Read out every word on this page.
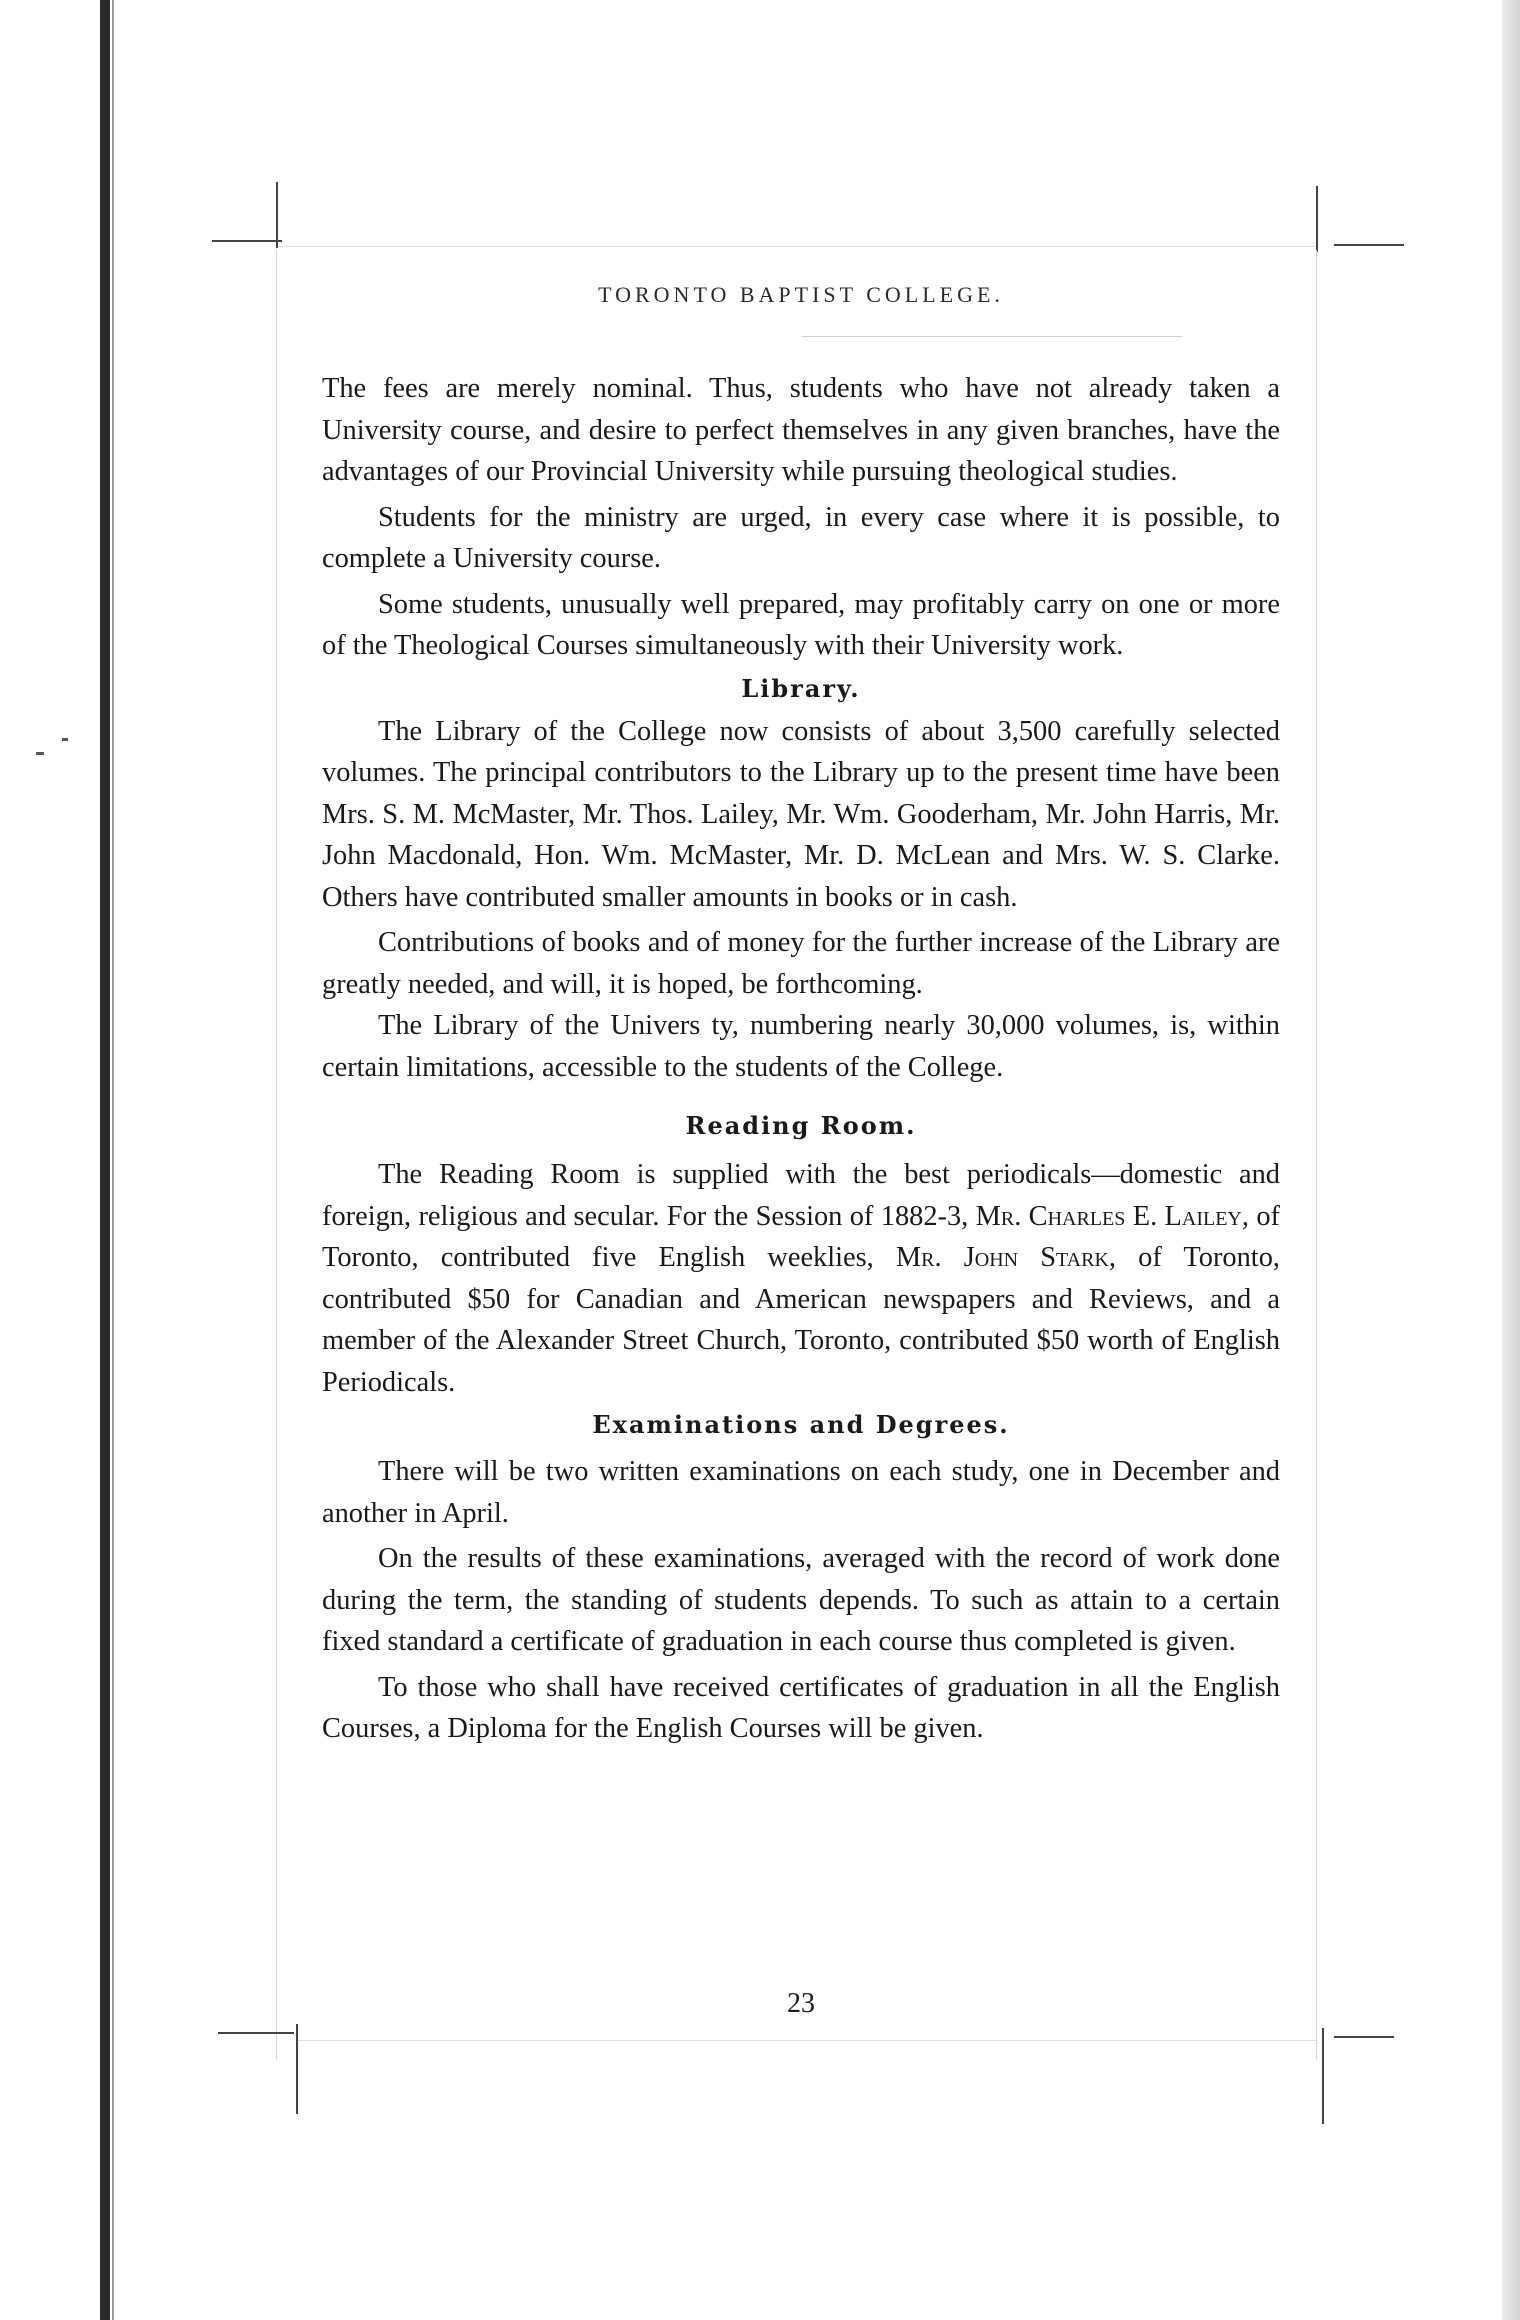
TORONTO BAPTIST COLLEGE.

The fees are merely nominal. Thus, students who have not already taken a University course, and desire to perfect themselves in any given branches, have the advantages of our Provincial University while pursuing theological studies.

Students for the ministry are urged, in every case where it is possible, to complete a University course.

Some students, unusually well prepared, may profitably carry on one or more of the Theological Courses simultaneously with their University work.

Library.

The Library of the College now consists of about 3,500 carefully selected volumes. The principal contributors to the Library up to the present time have been Mrs. S. M. McMaster, Mr. Thos. Lailey, Mr. Wm. Gooderham, Mr. John Harris, Mr. John Macdonald, Hon. Wm. McMaster, Mr. D. McLean and Mrs. W. S. Clarke. Others have contributed smaller amounts in books or in cash.

Contributions of books and of money for the further increase of the Library are greatly needed, and will, it is hoped, be forthcoming.

The Library of the Univers ty, numbering nearly 30,000 volumes, is, within certain limitations, accessible to the students of the College.

Reading Room.

The Reading Room is supplied with the best periodicals—domestic and foreign, religious and secular. For the Session of 1882-3, Mr. Charles E. Lailey, of Toronto, contributed five English weeklies, Mr. John Stark, of Toronto, contributed $50 for Canadian and American newspapers and Reviews, and a member of the Alexander Street Church, Toronto, contributed $50 worth of English Periodicals.

Examinations and Degrees.

There will be two written examinations on each study, one in December and another in April.

On the results of these examinations, averaged with the record of work done during the term, the standing of students depends. To such as attain to a certain fixed standard a certificate of graduation in each course thus completed is given.

To those who shall have received certificates of graduation in all the English Courses, a Diploma for the English Courses will be given.

23
